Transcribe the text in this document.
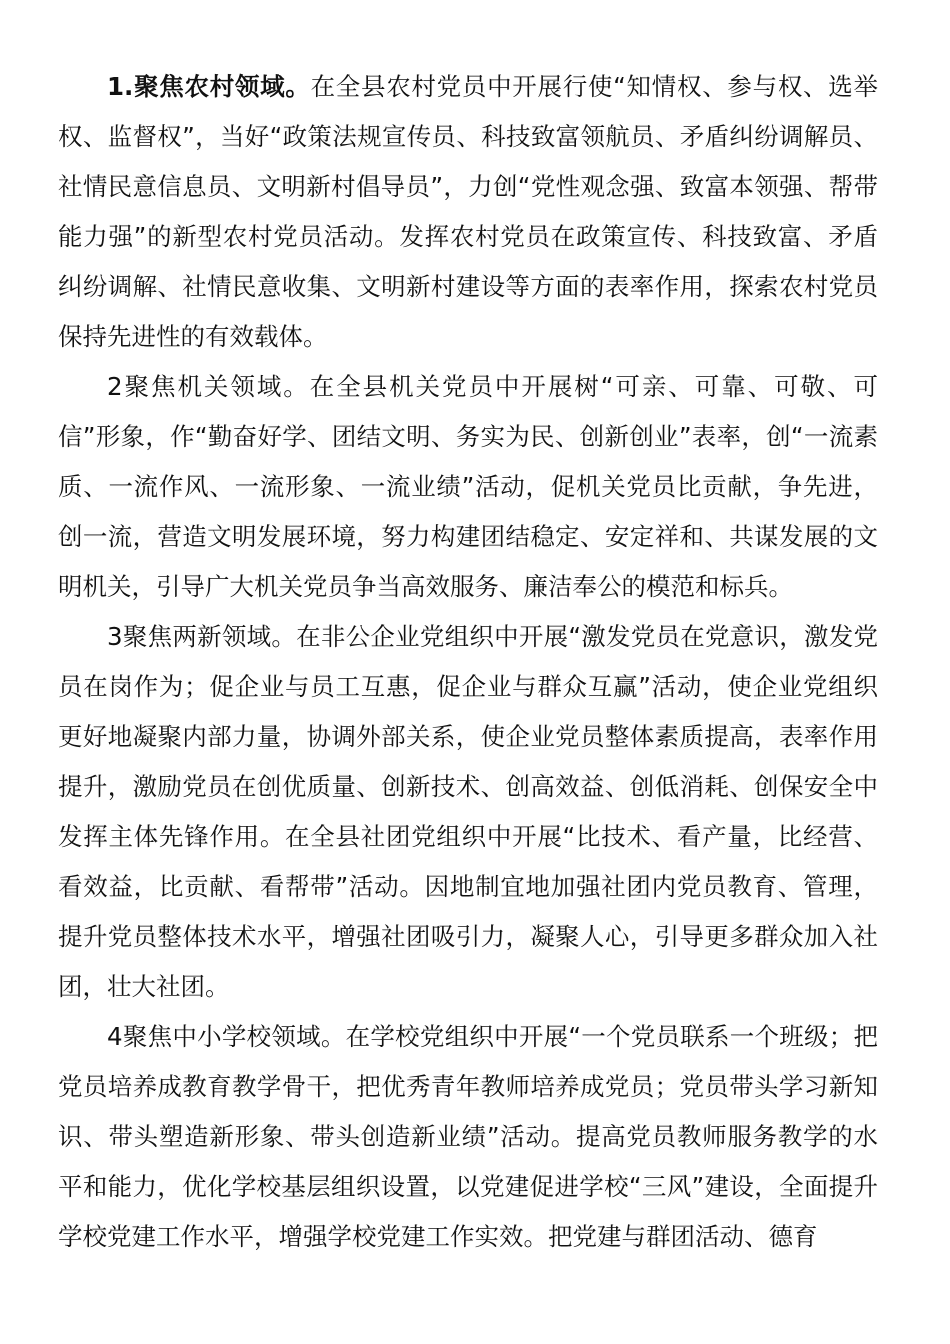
1.聚焦农村领域。在全县农村党员中开展行使“知情权、参与权、选举权、监督权”，当好“政策法规宣传员、科技致富领航员、矛盾纠纷调解员、社情民意信息员、文明新村倡导员”，力创“党性观念强、致富本领强、帮带能力强”的新型农村党员活动。发挥农村党员在政策宣传、科技致富、矛盾纠纷调解、社情民意收集、文明新村建设等方面的表率作用，探索农村党员保持先进性的有效载体。

2聚焦机关领域。在全县机关党员中开展树“可亲、可靠、可敬、可信”形象，作“勤奋好学、团结文明、务实为民、创新创业”表率，创“一流素质、一流作风、一流形象、一流业绩”活动，促机关党员比贡献，争先进，创一流，营造文明发展环境，努力构建团结稳定、安定祥和、共谋发展的文明机关，引导广大机关党员争当高效服务、廉洁奉公的模范和标兵。

3聚焦两新领域。在非公企业党组织中开展“激发党员在党意识，激发党员在岗作为；促企业与员工互惠，促企业与群众互赢”活动，使企业党组织更好地凝聚内部力量，协调外部关系，使企业党员整体素质提高，表率作用提升，激励党员在创优质量、创新技术、创高效益、创低消耗、创保安全中发挥主体先锋作用。在全县社团党组织中开展“比技术、看产量，比经营、看效益，比贡献、看帮带”活动。因地制宜地加强社团内党员教育、管理，提升党员整体技术水平，增强社团吸引力，凝聚人心，引导更多群众加入社团，壮大社团。

4聚焦中小学校领域。在学校党组织中开展“一个党员联系一个班级；把党员培养成教育教学骨干，把优秀青年教师培养成党员；党员带头学习新知识、带头塑造新形象、带头创造新业绩”活动。提高党员教师服务教学的水平和能力，优化学校基层组织设置，以党建促进学校“三风”建设，全面提升学校党建工作水平，增强学校党建工作实效。把党建与群团活动、德育
